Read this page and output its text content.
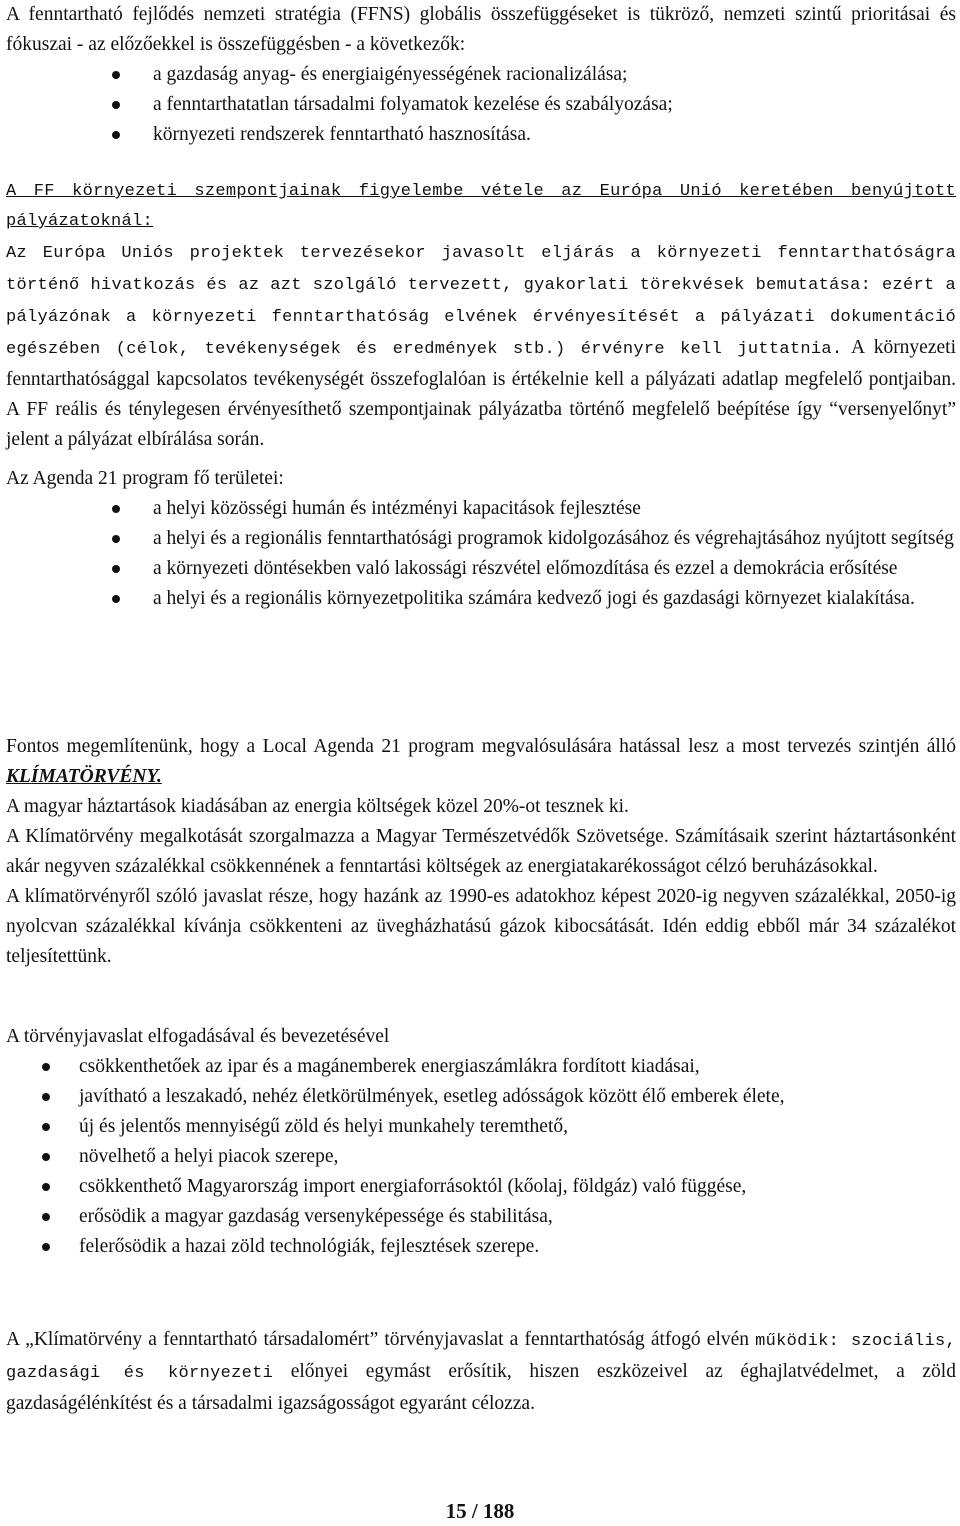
A fenntartható fejlődés nemzeti stratégia (FFNS) globális összefüggéseket is tükröző, nemzeti szintű prioritásai és fókuszai - az előzőekkel is összefüggésben - a következők:

a gazdaság anyag- és energiaigényességének racionalizálása;
a fenntarthatatlan társadalmi folyamatok kezelése és szabályozása;
környezeti rendszerek fenntartható hasznosítása.

A FF környezeti szempontjainak figyelembe vétele az Európa Unió keretében benyújtott pályázatoknál:

Az Európa Uniós projektek tervezésekor javasolt eljárás a környezeti fenntarthatóságra történő hivatkozás és az azt szolgáló tervezett, gyakorlati törekvések bemutatása: ezért a pályázónak a környezeti fenntarthatóság elvének érvényesítését a pályázati dokumentáció egészében (célok, tevékenységek és eredmények stb.) érvényre kell juttatnia. A környezeti fenntarthatósággal kapcsolatos tevékenységét összefoglalóan is értékelnie kell a pályázati adatlap megfelelő pontjaiban. A FF reális és ténylegesen érvényesíthető szempontjainak pályázatba történő megfelelő beépítése így “versenyelőnyt” jelent a pályázat elbírálása során.

Az Agenda 21 program fő területei:

a helyi közösségi humán és intézményi kapacitások fejlesztése
a helyi és a regionális fenntarthatósági programok kidolgozásához és végrehajtásához nyújtott segítség
a környezeti döntésekben való lakossági részvétel előmozdítása és ezzel a demokrácia erősítése
a helyi és a regionális környezetpolitika számára kedvező jogi és gazdasági környezet kialakítása.

Fontos megemlítenünk, hogy a Local Agenda 21 program megvalósulására hatással lesz a most tervezés szintjén álló KLÍMATÖRVÉNY.

A magyar háztartások kiadásában az energia költségek közel 20%-ot tesznek ki.

A Klímatörvény megalkotását szorgalmazza a Magyar Természetvédők Szövetsége. Számításaik szerint háztartásonként akár negyven százalékkal csökkennének a fenntartási költségek az energiatakarékosságot célzó beruházásokkal.

A klímatörvényről szóló javaslat része, hogy hazánk az 1990-es adatokhoz képest 2020-ig negyven százalékkal, 2050-ig nyolcvan százalékkal kívánja csökkenteni az üvegházhatású gázok kibocsátását. Idén eddig ebből már 34 százalékot teljesítettünk.

A törvényjavaslat elfogadásával és bevezetésével

csökkenthetőek az ipar és a magánemberek energiaszámlákra fordított kiadásai,
javítható a leszakadó, nehéz életkörülmények, esetleg adósságok között élő emberek élete,
új és jelentős mennyiségű zöld és helyi munkahely teremthető,
növelhető a helyi piacok szerepe,
csökkenthető Magyarország import energiaforrásoktól (kőolaj, földgáz) való függése,
erősödik a magyar gazdaság versenyképessége és stabilitása,
felerősödik a hazai zöld technológiák, fejlesztések szerepe.

A „Klímatörvény a fenntartható társadalomért” törvényjavaslat a fenntarthatóság átfogó elvén működik: szociális, gazdasági és környezeti előnyei egymást erősítik, hiszen eszközeivel az éghajlatvédelmet, a zöld gazdaságélénkítést és a társadalmi igazságosságot egyaránt célozza.

15 / 188
